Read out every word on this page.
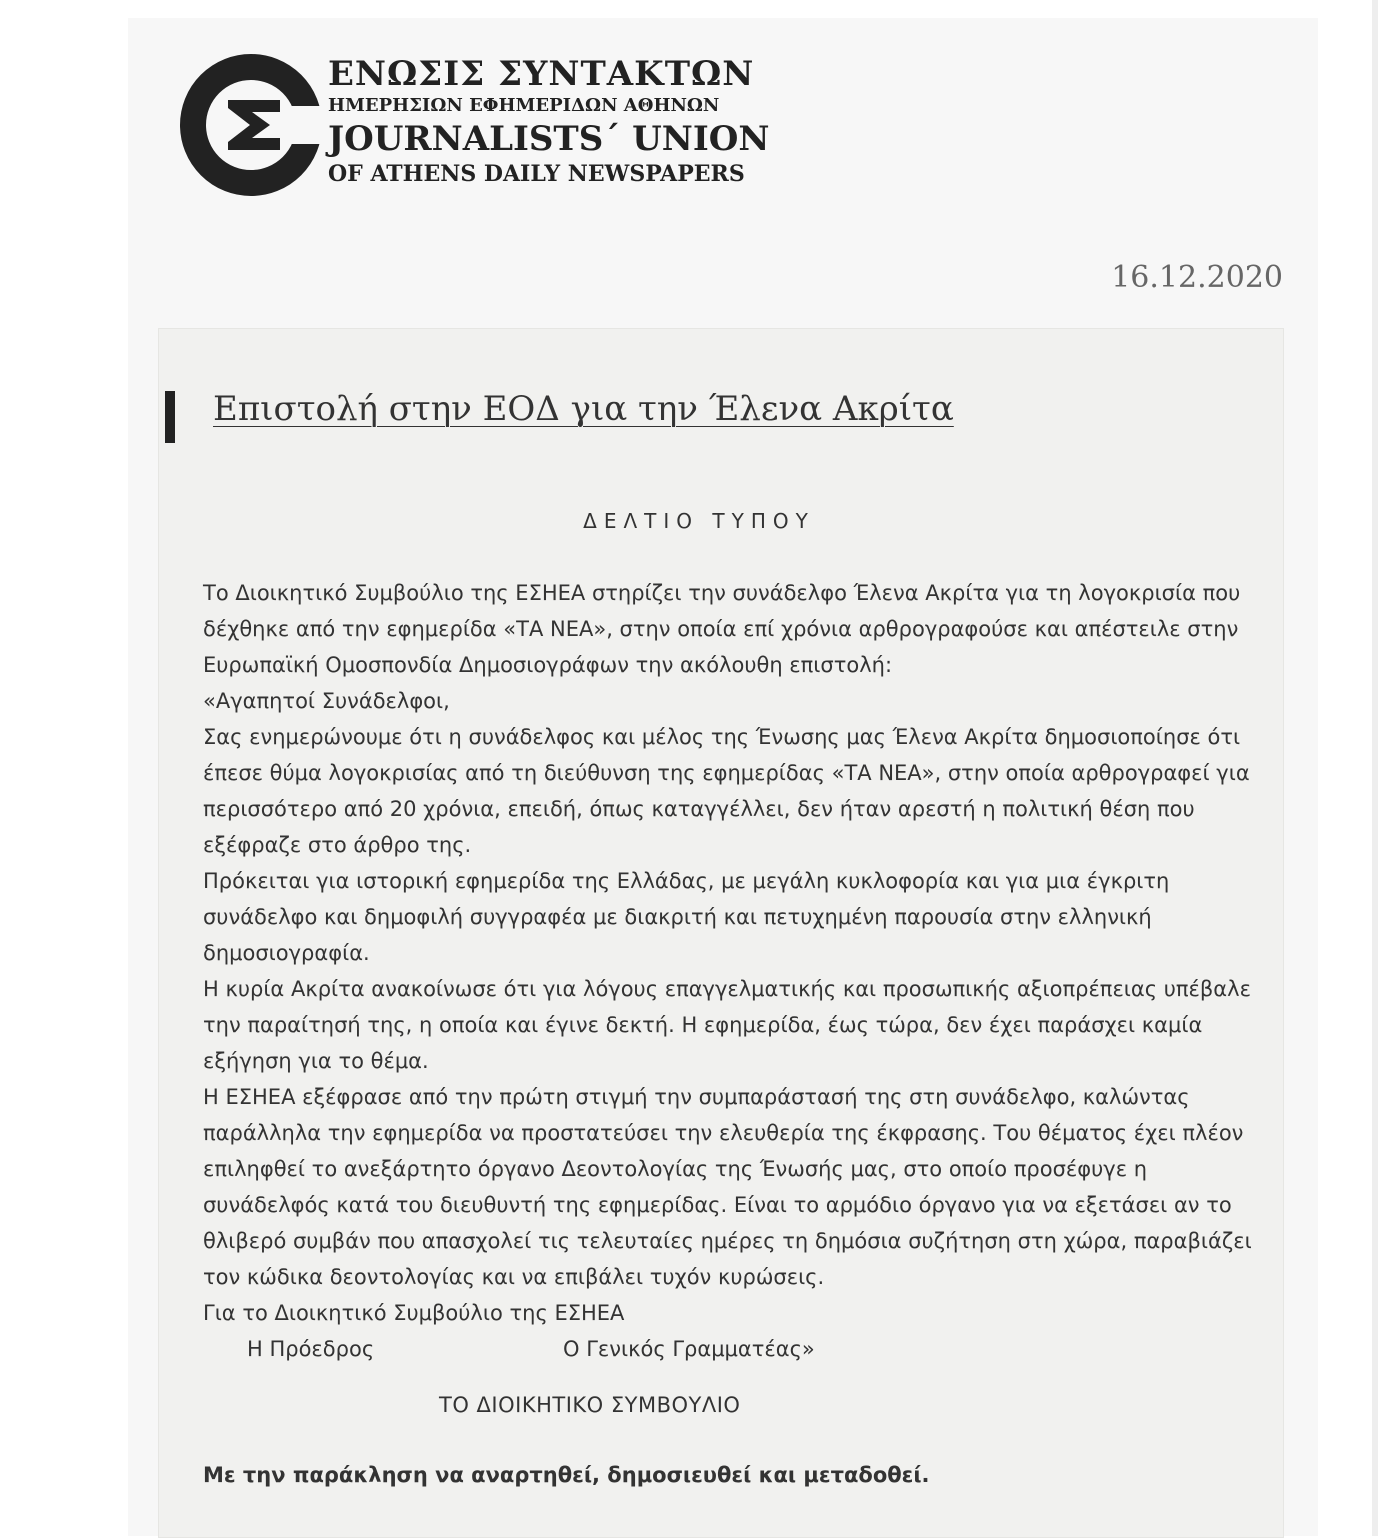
ΕΝΩΣΙΣ ΣΥΝΤΑΚΤΩΝ
ΗΜΕΡΗΣΙΩΝ ΕΦΗΜΕΡΙΔΩΝ ΑΘΗΝΩΝ
JOURNALISTS´ UNION
OF ATHENS DAILY NEWSPAPERS
16.12.2020
Επιστολή στην ΕΟΔ για την Έλενα Ακρίτα
ΔΕΛΤΙΟ ΤΥΠΟΥ

Το Διοικητικό Συμβούλιο της ΕΣΗΕΑ στηρίζει την συνάδελφο Έλενα Ακρίτα για τη λογοκρισία που δέχθηκε από την εφημερίδα «ΤΑ ΝΕΑ», στην οποία επί χρόνια αρθρογραφούσε και απέστειλε στην Ευρωπαϊκή Ομοσπονδία Δημοσιογράφων την ακόλουθη επιστολή:

«Αγαπητοί Συνάδελφοι,

Σας ενημερώνουμε ότι η συνάδελφος και μέλος της Ένωσης μας Έλενα Ακρίτα δημοσιοποίησε ότι έπεσε θύμα λογοκρισίας από τη διεύθυνση της εφημερίδας «ΤΑ ΝΕΑ», στην οποία αρθρογραφεί για περισσότερο από 20 χρόνια, επειδή, όπως καταγγέλλει, δεν ήταν αρεστή η πολιτική θέση που εξέφραζε στο άρθρο της.

Πρόκειται για ιστορική εφημερίδα της Ελλάδας, με μεγάλη κυκλοφορία και για μια έγκριτη συνάδελφο και δημοφιλή συγγραφέα με διακριτή και πετυχημένη παρουσία στην ελληνική δημοσιογραφία.

Η κυρία Ακρίτα ανακοίνωσε ότι για λόγους επαγγελματικής και προσωπικής αξιοπρέπειας υπέβαλε την παραίτησή της, η οποία και έγινε δεκτή. Η εφημερίδα, έως τώρα, δεν έχει παράσχει καμία εξήγηση για το θέμα.

Η ΕΣΗΕΑ εξέφρασε από την πρώτη στιγμή την συμπαράστασή της στη συνάδελφο, καλώντας παράλληλα την εφημερίδα να προστατεύσει την ελευθερία της έκφρασης. Του θέματος έχει πλέον επιληφθεί το ανεξάρτητο όργανο Δεοντολογίας της Ένωσής μας, στο οποίο προσέφυγε η συνάδελφός κατά του διευθυντή της εφημερίδας. Είναι το αρμόδιο όργανο για να εξετάσει αν το θλιβερό συμβάν που απασχολεί τις τελευταίες ημέρες τη δημόσια συζήτηση στη χώρα, παραβιάζει τον κώδικα δεοντολογίας και να επιβάλει τυχόν κυρώσεις.

Για το Διοικητικό Συμβούλιο της ΕΣΗΕΑ

Η Πρόεδρος	Ο Γενικός Γραμματέας»
ΤΟ ΔΙΟΙΚΗΤΙΚΟ ΣΥΜΒΟΥΛΙΟ
Με την παράκληση να αναρτηθεί, δημοσιευθεί και μεταδοθεί.
